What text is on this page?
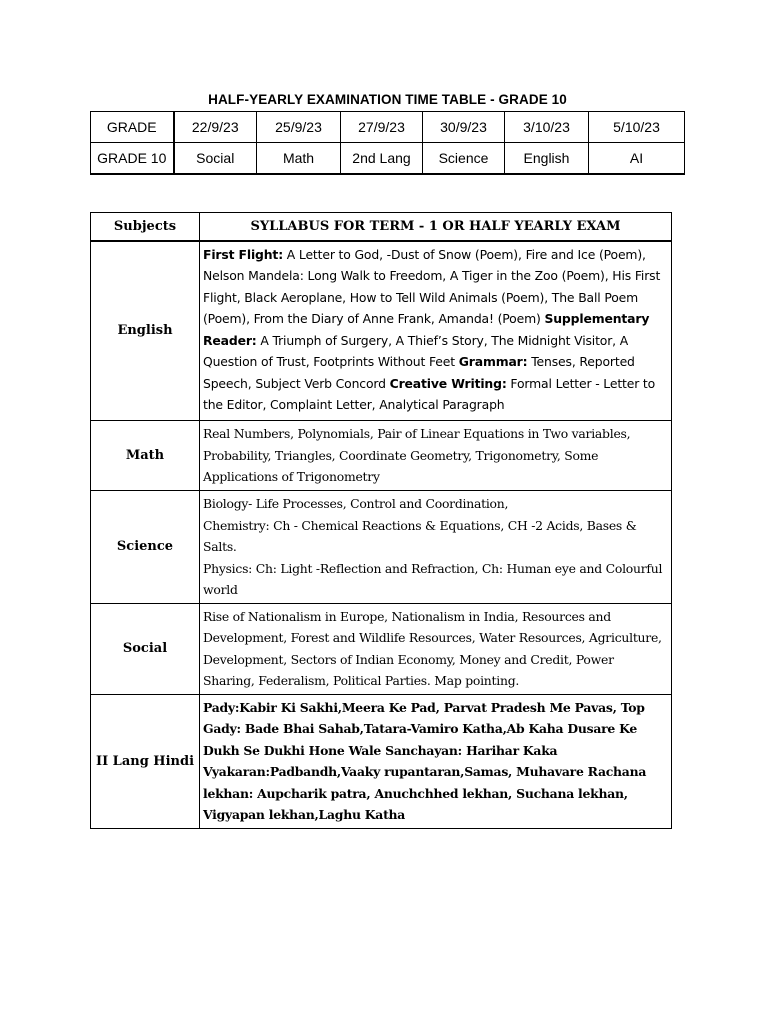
HALF-YEARLY EXAMINATION TIME TABLE - GRADE 10
GRADE	22/9/23	25/9/23	27/9/23	30/9/23	3/10/23	5/10/23
GRADE 10	Social	Math	2nd Lang	Science	English	AI
Subjects	SYLLABUS FOR TERM - 1 OR HALF YEARLY EXAM
English	First Flight: A Letter to God, -Dust of Snow (Poem), Fire and Ice (Poem), Nelson Mandela: Long Walk to Freedom, A Tiger in the Zoo (Poem), His First Flight, Black Aeroplane, How to Tell Wild Animals (Poem), The Ball Poem (Poem), From the Diary of Anne Frank, Amanda! (Poem) Supplementary Reader: A Triumph of Surgery, A Thief’s Story, The Midnight Visitor, A Question of Trust, Footprints Without Feet Grammar: Tenses, Reported Speech, Subject Verb Concord Creative Writing: Formal Letter - Letter to the Editor, Complaint Letter, Analytical Paragraph
Math	Real Numbers, Polynomials, Pair of Linear Equations in Two variables, Probability, Triangles, Coordinate Geometry, Trigonometry, Some Applications of Trigonometry
Science	Biology- Life Processes, Control and Coordination,
Chemistry: Ch - Chemical Reactions & Equations, CH -2 Acids, Bases & Salts.
Physics: Ch: Light -Reflection and Refraction, Ch: Human eye and Colourful world

Social	Rise of Nationalism in Europe, Nationalism in India, Resources and Development, Forest and Wildlife Resources, Water Resources, Agriculture, Development, Sectors of Indian Economy, Money and Credit, Power Sharing, Federalism, Political Parties. Map pointing.
II Lang Hindi	Pady:Kabir Ki Sakhi,Meera Ke Pad, Parvat Pradesh Me Pavas, Top Gady: Bade Bhai Sahab,Tatara-Vamiro Katha,Ab Kaha Dusare Ke Dukh Se Dukhi Hone Wale Sanchayan: Harihar Kaka Vyakaran:Padbandh,Vaaky rupantaran,Samas, Muhavare Rachana lekhan: Aupcharik patra, Anuchchhed lekhan, Suchana lekhan, Vigyapan lekhan,Laghu Katha
